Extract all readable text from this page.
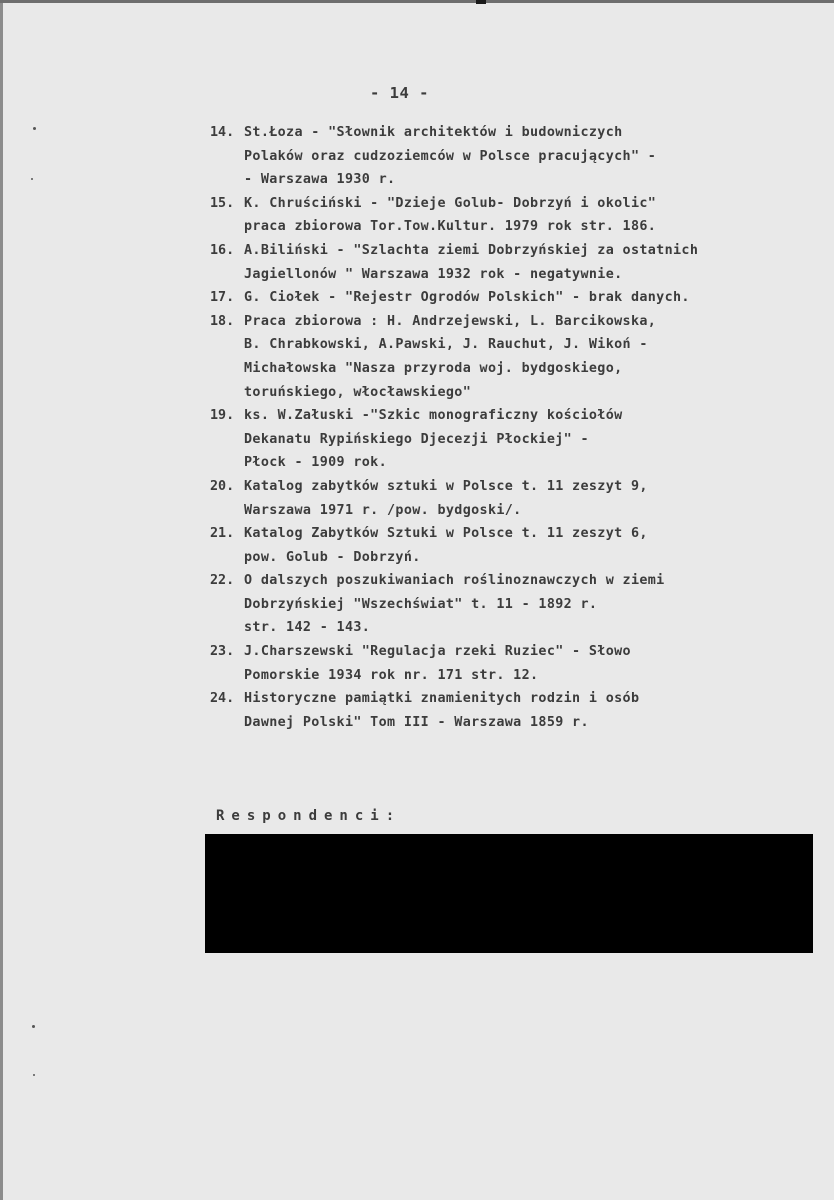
- 14 -
14. St.Łoza - "Słownik architektów i budowniczych
Polaków oraz cudzoziemców w Polsce pracujących" -
- Warszawa 1930 r.
15. K. Chruściński - "Dzieje Golub- Dobrzyń i okolic"
praca zbiorowa Tor.Tow.Kultur. 1979 rok str. 186.
16. A.Biliński - "Szlachta ziemi Dobrzyńskiej za ostatnich
Jagiellonów " Warszawa 1932 rok - negatywnie.
17. G. Ciołek - "Rejestr Ogrodów Polskich" - brak danych.
18. Praca zbiorowa : H. Andrzejewski, L. Barcikowska,
B. Chrabkowski, A.Pawski, J. Rauchut, J. Wikoń -
Michałowska "Nasza przyroda woj. bydgoskiego,
toruńskiego, włocławskiego"
19. ks. W.Załuski -"Szkic monograficzny kościołów
Dekanatu Rypińskiego Djecezji Płockiej" -
Płock - 1909 rok.
20. Katalog zabytków sztuki w Polsce t. 11 zeszyt 9,
Warszawa 1971 r. /pow. bydgoski/.
21. Katalog Zabytków Sztuki w Polsce t. 11 zeszyt 6,
pow. Golub - Dobrzyń.
22. O dalszych poszukiwaniach roślinoznawczych w ziemi
Dobrzyńskiej "Wszechświat" t. 11 - 1892 r.
str. 142 - 143.
23. J.Charszewski "Regulacja rzeki Ruziec" - Słowo
Pomorskie 1934 rok nr. 171 str. 12.
24. Historyczne pamiątki znamienitych rodzin i osób
Dawnej Polski" Tom III - Warszawa 1859 r.
Respondenci:
